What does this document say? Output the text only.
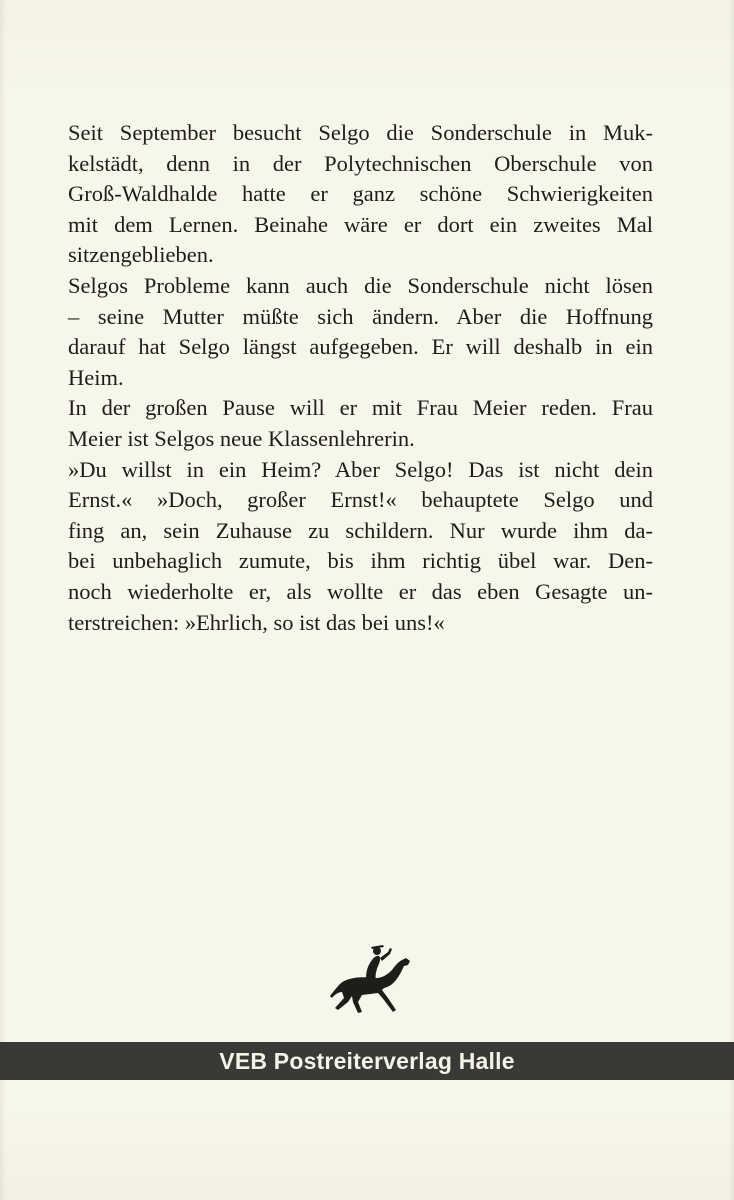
Seit September besucht Selgo die Sonderschule in Muk-
kelstädt, denn in der Polytechnischen Oberschule von
Groß-Waldhalde hatte er ganz schöne Schwierigkeiten
mit dem Lernen. Beinahe wäre er dort ein zweites Mal
sitzengeblieben.

Selgos Probleme kann auch die Sonderschule nicht lösen
– seine Mutter müßte sich ändern. Aber die Hoffnung
darauf hat Selgo längst aufgegeben. Er will deshalb in ein
Heim.

In der großen Pause will er mit Frau Meier reden. Frau
Meier ist Selgos neue Klassenlehrerin.

»Du willst in ein Heim? Aber Selgo! Das ist nicht dein
Ernst.« »Doch, großer Ernst!« behauptete Selgo und
fing an, sein Zuhause zu schildern. Nur wurde ihm da-
bei unbehaglich zumute, bis ihm richtig übel war. Den-
noch wiederholte er, als wollte er das eben Gesagte un-
terstreichen: »Ehrlich, so ist das bei uns!«

VEB Postreiterverlag Halle
